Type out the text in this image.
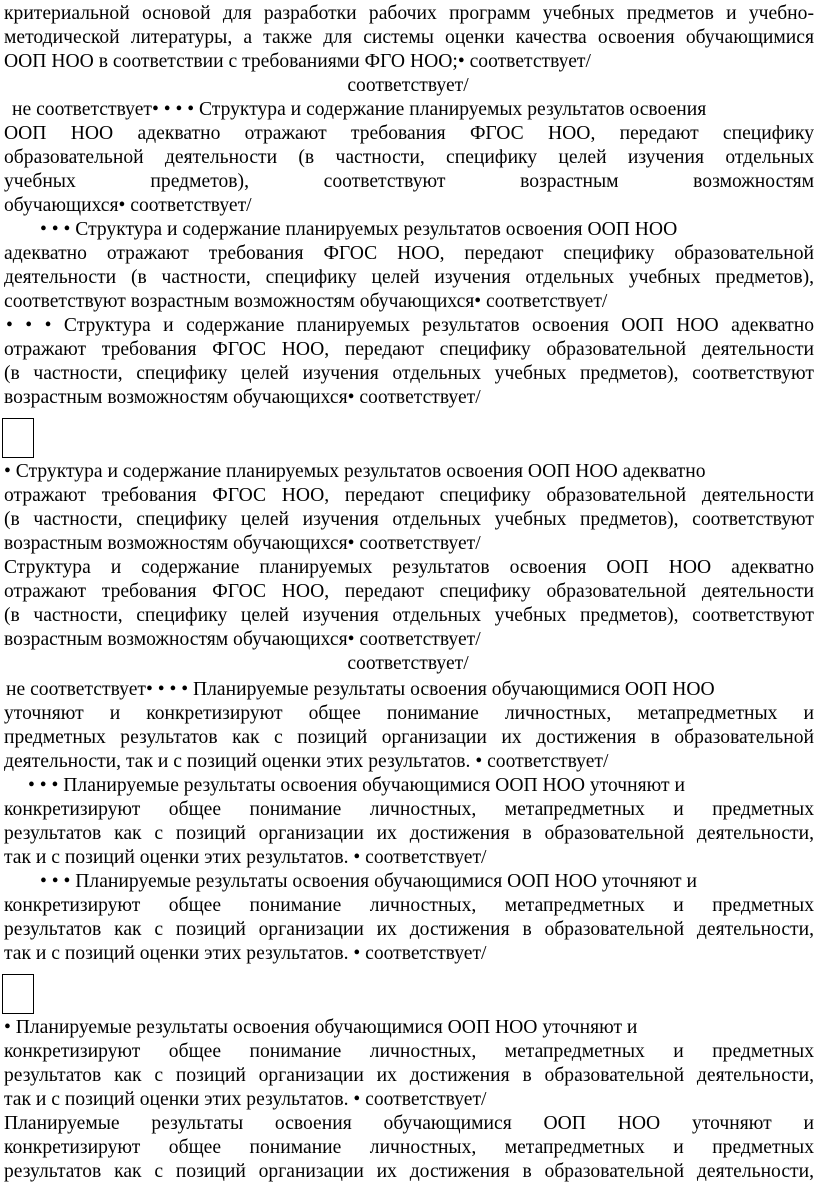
критериальной основой для разработки рабочих программ учебных предметов и учебно-
методической литературы, а также для системы оценки качества освоения обучающимися
ООП НОО в соответствии с требованиями ФГО НОО;• соответствует/
соответствует/
не соответствует• • • • Структура и содержание планируемых результатов освоения
ООП НОО адекватно отражают требования ФГОС НОО, передают специфику
образовательной деятельности (в частности, специфику целей изучения отдельных
учебных предметов), соответствуют возрастным возможностям
обучающихся• соответствует/
• • • Структура и содержание планируемых результатов освоения ООП НОО
адекватно отражают требования ФГОС НОО, передают специфику образовательной
деятельности (в частности, специфику целей изучения отдельных учебных предметов),
соответствуют возрастным возможностям обучающихся• соответствует/
• • • Структура и содержание планируемых результатов освоения ООП НОО адекватно
отражают требования ФГОС НОО, передают специфику образовательной деятельности
(в частности, специфику целей изучения отдельных учебных предметов), соответствуют
возрастным возможностям обучающихся• соответствует/
• Структура и содержание планируемых результатов освоения ООП НОО адекватно
отражают требования ФГОС НОО, передают специфику образовательной деятельности
(в частности, специфику целей изучения отдельных учебных предметов), соответствуют
возрастным возможностям обучающихся• соответствует/
Структура и содержание планируемых результатов освоения ООП НОО адекватно
отражают требования ФГОС НОО, передают специфику образовательной деятельности
(в частности, специфику целей изучения отдельных учебных предметов), соответствуют
возрастным возможностям обучающихся• соответствует/
соответствует/
не соответствует• • • • Планируемые результаты освоения обучающимися ООП НОО
уточняют и конкретизируют общее понимание личностных, метапредметных и
предметных результатов как с позиций организации их достижения в образовательной
деятельности, так и с позиций оценки этих результатов. • соответствует/
• • • Планируемые результаты освоения обучающимися ООП НОО уточняют и
конкретизируют общее понимание личностных, метапредметных и предметных
результатов как с позиций организации их достижения в образовательной деятельности,
так и с позиций оценки этих результатов. • соответствует/
• • • Планируемые результаты освоения обучающимися ООП НОО уточняют и
конкретизируют общее понимание личностных, метапредметных и предметных
результатов как с позиций организации их достижения в образовательной деятельности,
так и с позиций оценки этих результатов. • соответствует/
• Планируемые результаты освоения обучающимися ООП НОО уточняют и
конкретизируют общее понимание личностных, метапредметных и предметных
результатов как с позиций организации их достижения в образовательной деятельности,
так и с позиций оценки этих результатов. • соответствует/
Планируемые результаты освоения обучающимися ООП НОО уточняют и
конкретизируют общее понимание личностных, метапредметных и предметных
результатов как с позиций организации их достижения в образовательной деятельности,
